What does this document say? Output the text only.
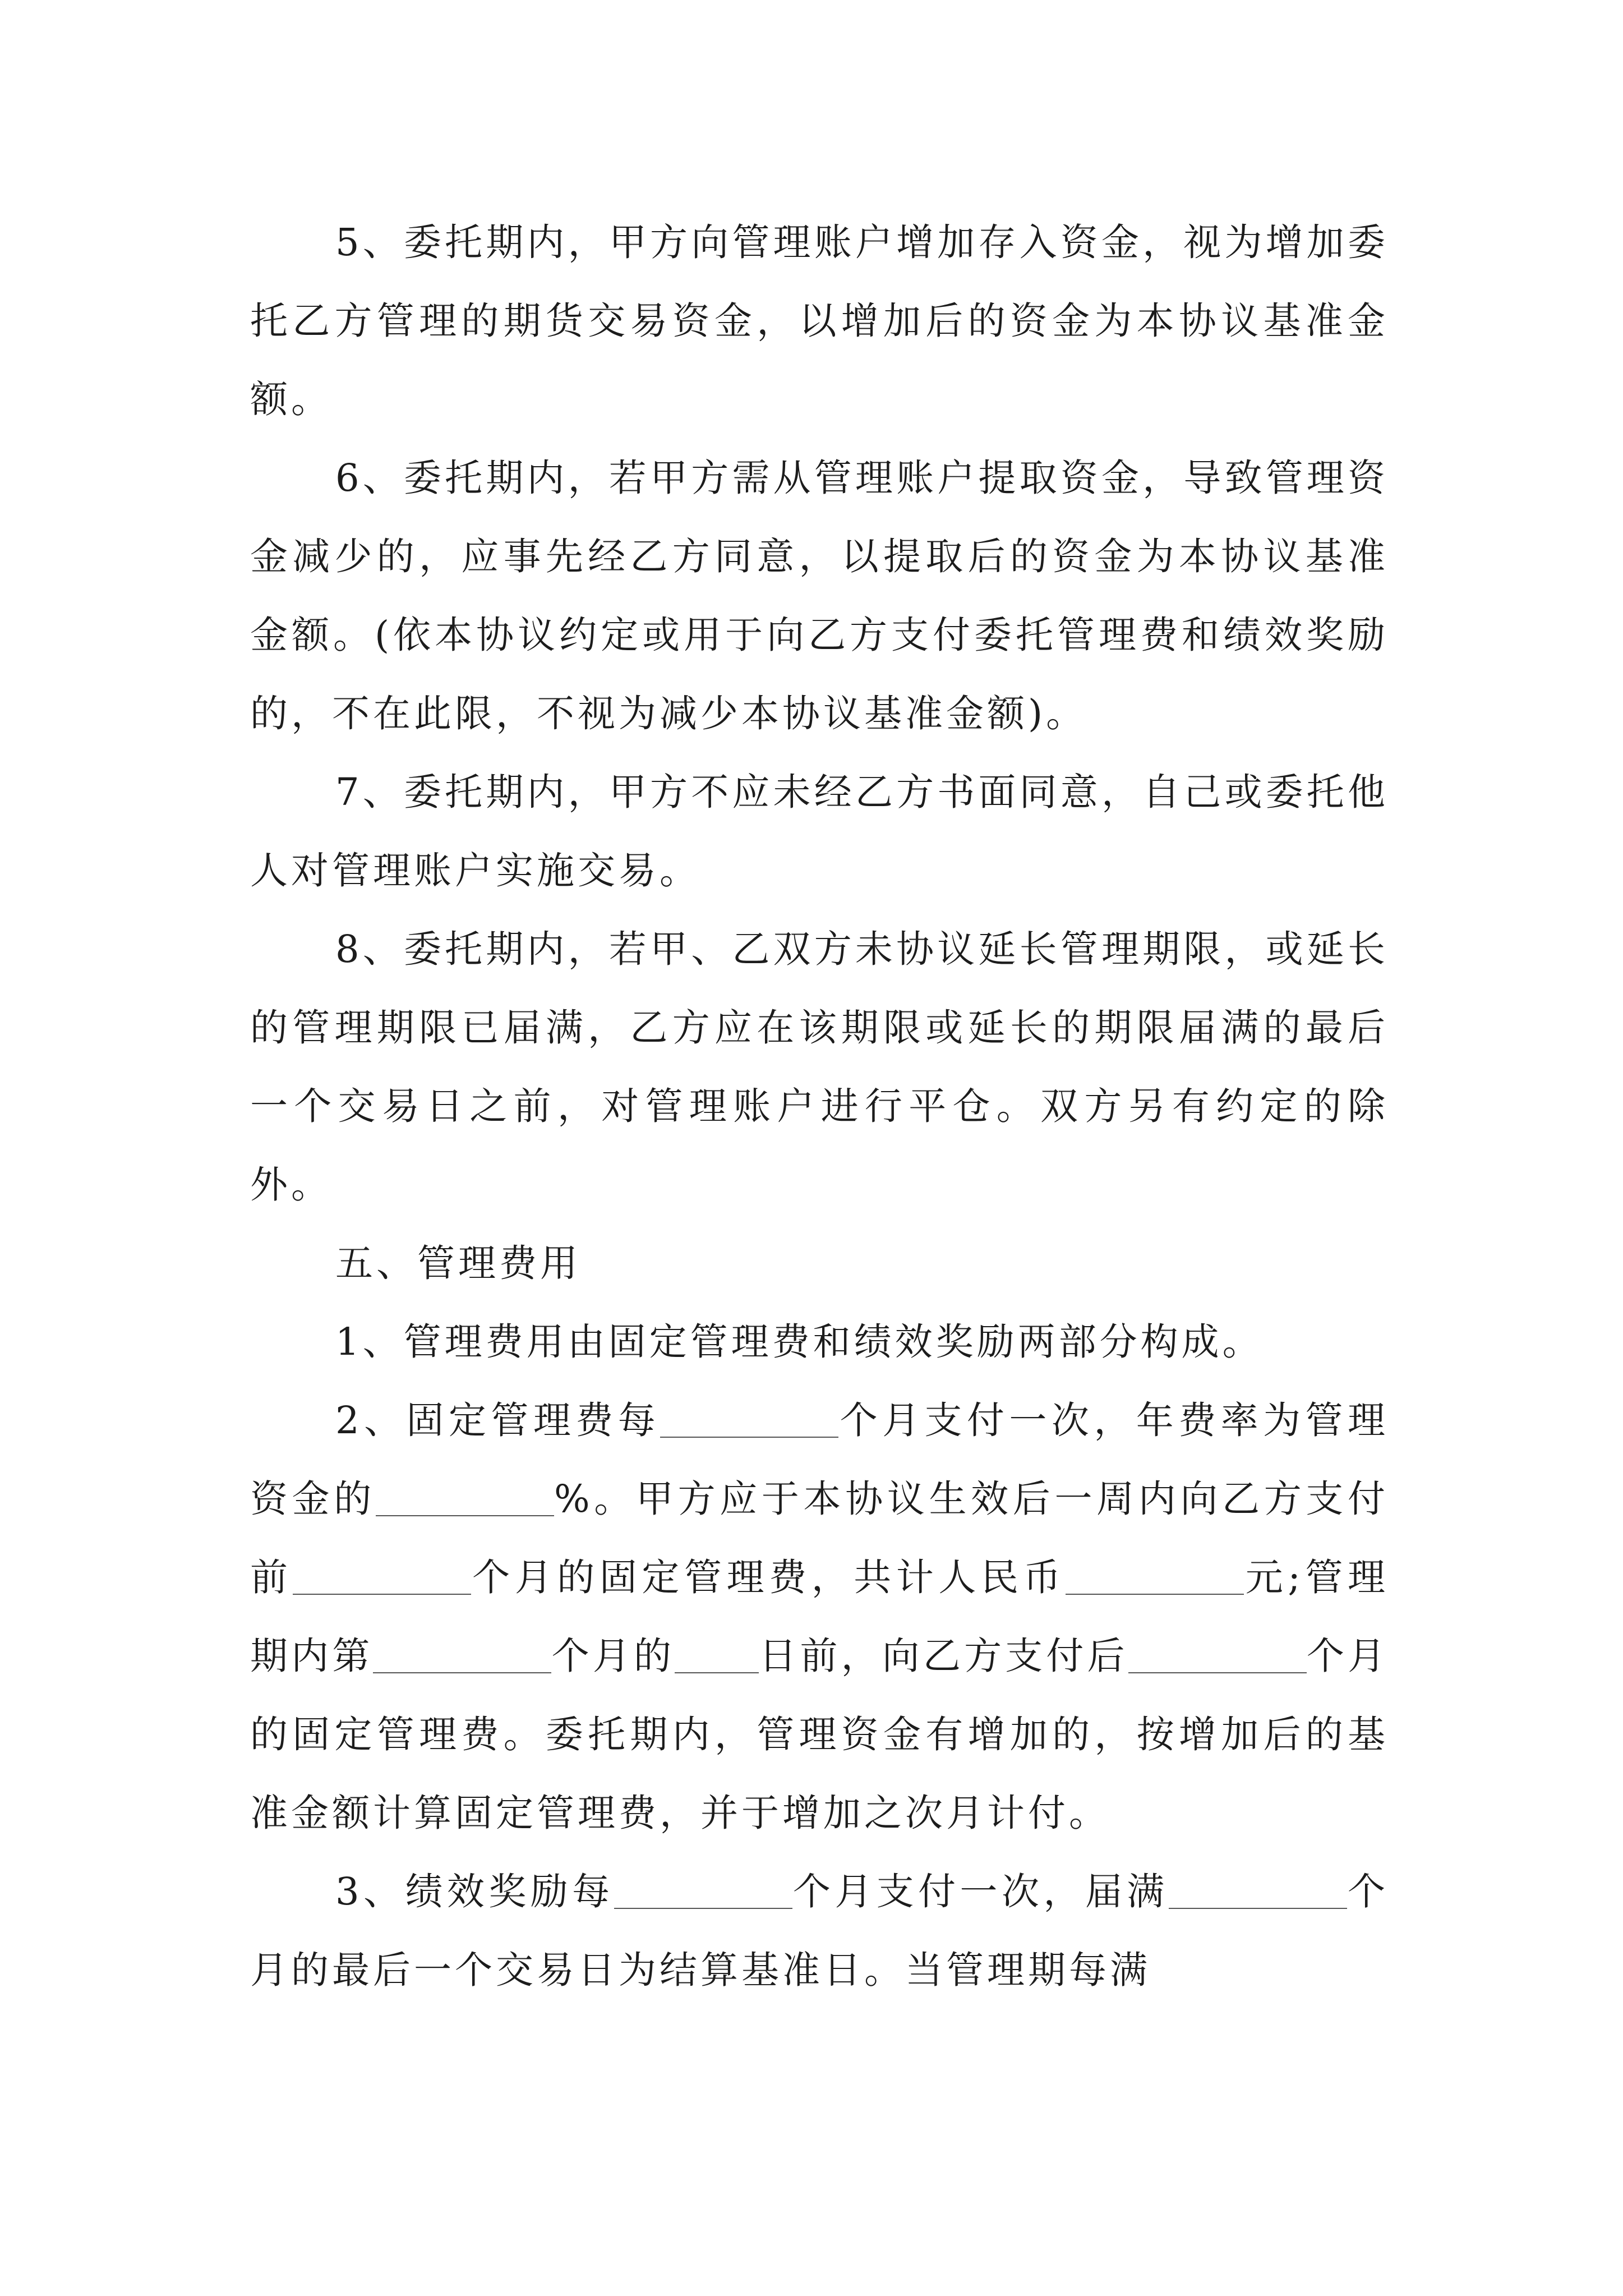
5、委托期内，甲方向管理账户增加存入资金，视为增加委托乙方管理的期货交易资金，以增加后的资金为本协议基准金额。

6、委托期内，若甲方需从管理账户提取资金，导致管理资金减少的，应事先经乙方同意，以提取后的资金为本协议基准金额。(依本协议约定或用于向乙方支付委托管理费和绩效奖励的，不在此限，不视为减少本协议基准金额)。

7、委托期内，甲方不应未经乙方书面同意，自己或委托他人对管理账户实施交易。

8、委托期内，若甲、乙双方未协议延长管理期限，或延长的管理期限已届满，乙方应在该期限或延长的期限届满的最后一个交易日之前，对管理账户进行平仓。双方另有约定的除外。

五、管理费用

1、管理费用由固定管理费和绩效奖励两部分构成。

2、固定管理费每	个月支付一次，年费率为管理资金的	%。甲方应于本协议生效后一周内向乙方支付前	个月的固定管理费，共计人民币	元;管理期内第	个月的 日前，向乙方支付后	个月的固定管理费。委托期内，管理资金有增加的，按增加后的基准金额计算固定管理费，并于增加之次月计付。

3、绩效奖励每	个月支付一次，届满	个月的最后一个交易日为结算基准日。当管理期每满
